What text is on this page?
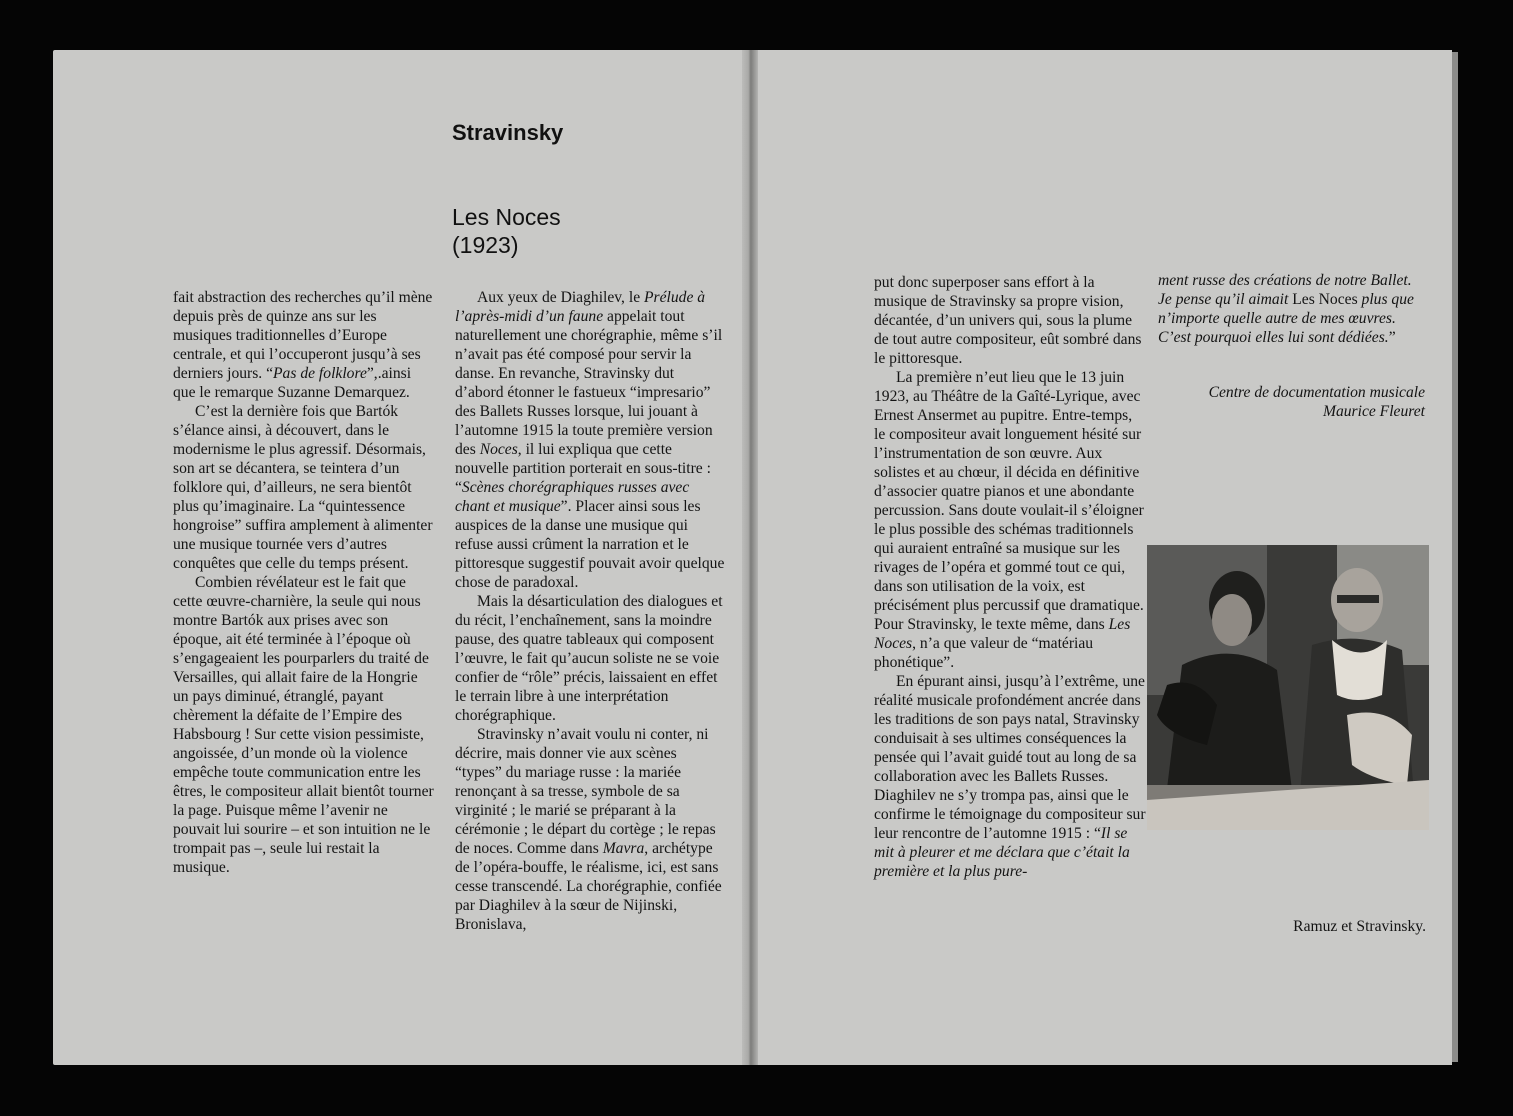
Stravinsky
Les Noces
(1923)

fait abstraction des recherches qu’il mène depuis près de quinze ans sur les musiques traditionnelles d’Europe centrale, et qui l’occuperont jusqu’à ses derniers jours. “Pas de folklore”,.ainsi que le remarque Suzanne Demarquez.

C’est la dernière fois que Bartók s’élance ainsi, à découvert, dans le modernisme le plus agressif. Désormais, son art se décantera, se teintera d’un folklore qui, d’ailleurs, ne sera bientôt plus qu’imaginaire. La “quintessence hongroise” suffira amplement à alimenter une musique tournée vers d’autres conquêtes que celle du temps présent.

Combien révélateur est le fait que cette œuvre-charnière, la seule qui nous montre Bartók aux prises avec son époque, ait été terminée à l’époque où s’engageaient les pourparlers du traité de Versailles, qui allait faire de la Hongrie un pays diminué, étranglé, payant chèrement la défaite de l’Empire des Habsbourg ! Sur cette vision pessimiste, angoissée, d’un monde où la violence empêche toute communication entre les êtres, le compositeur allait bientôt tourner la page. Puisque même l’avenir ne pouvait lui sourire – et son intuition ne le trompait pas –, seule lui restait la musique.

Aux yeux de Diaghilev, le Prélude à l’après-midi d’un faune appelait tout naturellement une chorégraphie, même s’il n’avait pas été composé pour servir la danse. En revanche, Stravinsky dut d’abord étonner le fastueux “impresario” des Ballets Russes lorsque, lui jouant à l’automne 1915 la toute première version des Noces, il lui expliqua que cette nouvelle partition porterait en sous-titre : “Scènes chorégraphiques russes avec chant et musique”. Placer ainsi sous les auspices de la danse une musique qui refuse aussi crûment la narration et le pittoresque suggestif pouvait avoir quelque chose de paradoxal.

Mais la désarticulation des dialogues et du récit, l’enchaînement, sans la moindre pause, des quatre tableaux qui composent l’œuvre, le fait qu’aucun soliste ne se voie confier de “rôle” précis, laissaient en effet le terrain libre à une interprétation chorégraphique.

Stravinsky n’avait voulu ni conter, ni décrire, mais donner vie aux scènes “types” du mariage russe : la mariée renonçant à sa tresse, symbole de sa virginité ; le marié se préparant à la cérémonie ; le départ du cortège ; le repas de noces. Comme dans Mavra, archétype de l’opéra-bouffe, le réalisme, ici, est sans cesse transcendé. La chorégraphie, confiée par Diaghilev à la sœur de Nijinski, Bronislava,

put donc superposer sans effort à la musique de Stravinsky sa propre vision, décantée, d’un univers qui, sous la plume de tout autre compositeur, eût sombré dans le pittoresque.

La première n’eut lieu que le 13 juin 1923, au Théâtre de la Gaîté-Lyrique, avec Ernest Ansermet au pupitre. Entre-temps, le compositeur avait longuement hésité sur l’instrumentation de son œuvre. Aux solistes et au chœur, il décida en définitive d’associer quatre pianos et une abondante percussion. Sans doute voulait-il s’éloigner le plus possible des schémas traditionnels qui auraient entraîné sa musique sur les rivages de l’opéra et gommé tout ce qui, dans son utilisation de la voix, est précisément plus percussif que dramatique. Pour Stravinsky, le texte même, dans Les Noces, n’a que valeur de “matériau phonétique”.

En épurant ainsi, jusqu’à l’extrême, une réalité musicale profondément ancrée dans les traditions de son pays natal, Stravinsky conduisait à ses ultimes conséquences la pensée qui l’avait guidé tout au long de sa collaboration avec les Ballets Russes. Diaghilev ne s’y trompa pas, ainsi que le confirme le témoignage du compositeur sur leur rencontre de l’automne 1915 : “Il se mit à pleurer et me déclara que c’était la première et la plus pure-

ment russe des créations de notre Ballet. Je pense qu’il aimait Les Noces plus que n’importe quelle autre de mes œuvres. C’est pourquoi elles lui sont dédiées.”

Centre de documentation musicale
Maurice Fleuret
Ramuz et Stravinsky.
